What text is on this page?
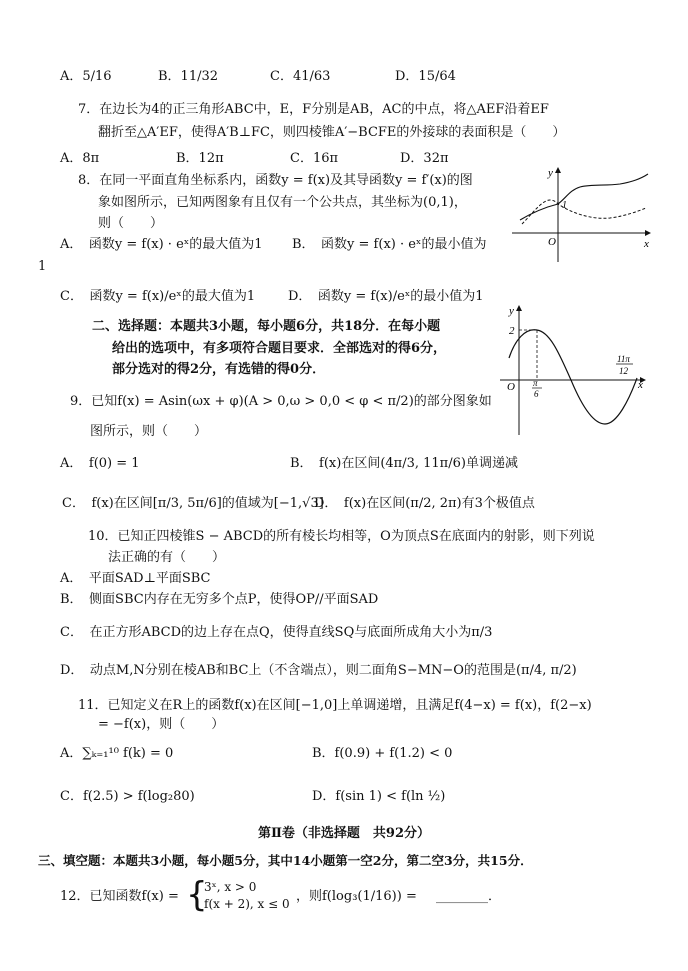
A．5/16	B．11/32	C．41/63	D．15/64
7．在边长为4的正三角形ABC中，E，F分别是AB，AC的中点，将△AEF沿着EF
翻折至△A′EF，使得A′B⊥FC，则四棱锥A′−BCFE的外接球的表面积是（　　）
A．8π	B．12π	C．16π	D．32π
8．在同一平面直角坐标系内，函数y = f(x)及其导函数y = f′(x)的图
象如图所示，已知两图象有且仅有一个公共点，其坐标为(0,1)，
则（　　）
A．　函数y = f(x) · eˣ的最大值为1 B．　函数y = f(x) · eˣ的最小值为
1
C．　函数y = f(x)/eˣ的最大值为1	D．　函数y = f(x)/eˣ的最小值为1
y
x
O
1
二、选择题：本题共3小题，每小题6分，共18分．在每小题
给出的选项中，有多项符合题目要求．全部选对的得6分，
部分选对的得2分，有选错的得0分．
9．已知f(x) = Asin(ωx + φ)(A > 0,ω > 0,0 < φ < π/2)的部分图象如
图所示，则（　　）
A．　f(0) = 1	B．　f(x)在区间(4π/3, 11π/6)单调递减
C．　f(x)在区间[π/3, 5π/6]的值域为[−1,√3]
D．　f(x)在区间(π/2, 2π)有3个极值点
y
x
O
2
π
6
11π
12
10．已知正四棱锥S − ABCD的所有棱长均相等，O为顶点S在底面内的射影，则下列说
法正确的有（　　）
A．　平面SAD⊥平面SBC
B．　侧面SBC内存在无穷多个点P，使得OP//平面SAD
C．　在正方形ABCD的边上存在点Q，使得直线SQ与底面所成角大小为π/3
D．　动点M,N分别在棱AB和BC上（不含端点），则二面角S−MN−O的范围是(π/4, π/2)
11．已知定义在R上的函数f(x)在区间[−1,0]上单调递增，且满足f(4−x) = f(x)，f(2−x)
= −f(x)，则（　　）
A．∑ₖ₌₁¹⁰ f(k) = 0	B．f(0.9) + f(1.2) < 0
C．f(2.5) > f(log₂80)	D．f(sin 1) < f(ln ½)
第Ⅱ卷（非选择题　共92分）
三、填空题：本题共3小题，每小题5分，其中14小题第一空2分，第二空3分，共15分．
12．已知函数f(x) = {
3ˣ, x > 0
f(x + 2), x ≤ 0 ，则f(log₃(1/16)) = ________．
